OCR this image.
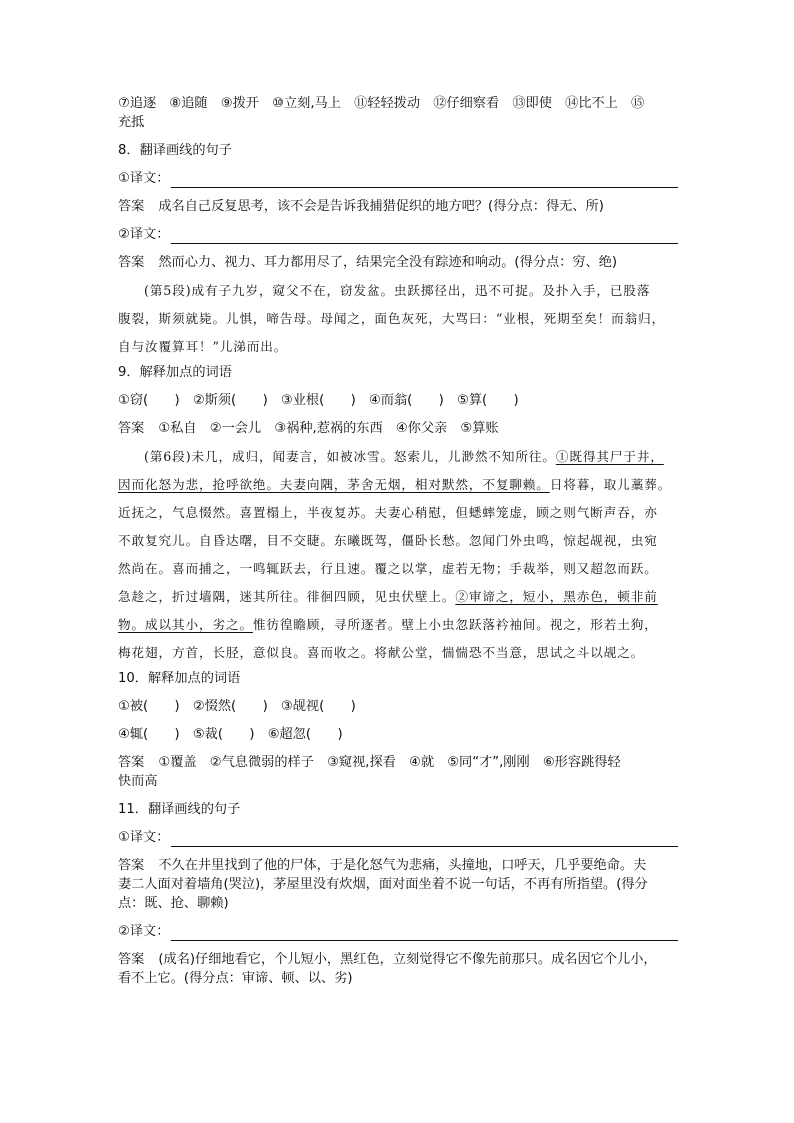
⑦追逐　⑧追随　⑨拨开　⑩立刻,马上　⑪轻轻拨动　⑫仔细察看　⑬即使　⑭比不上　⑮
充抵
8．翻译画线的句子
①译文：
答案 成名自己反复思考，该不会是告诉我捕猎促织的地方吧？(得分点：得无、所)
②译文：
答案 然而心力、视力、耳力都用尽了，结果完全没有踪迹和响动。(得分点：穷、绝)
(第5段)成有子九岁，窥父不在，窃发盆。虫跃掷径出，迅不可捉。及扑入手，已股落
腹裂，斯须就毙。儿惧，啼告母。母闻之，面色灰死，大骂曰：“业根，死期至矣！而翁归，
自与汝覆算耳！”儿涕而出。
9．解释加点的词语
①窃(　　)　②斯须(　　)　③业根(　　)　④而翁(　　)　⑤算(　　)
答案 ①私自　②一会儿　③祸种,惹祸的东西　④你父亲　⑤算账
(第6段)未几，成归，闻妻言，如被冰雪。怒索儿，儿渺然不知所往。①既得其尸于井，
因而化怒为悲，抢呼欲绝。夫妻向隅，茅舍无烟，相对默然，不复聊赖。日将暮，取儿藁葬。
近抚之，气息惙然。喜置榻上，半夜复苏。夫妻心稍慰，但蟋蟀笼虚，顾之则气断声吞，亦
不敢复究儿。自昏达曙，目不交睫。东曦既驾，僵卧长愁。忽闻门外虫鸣，惊起觇视，虫宛
然尚在。喜而捕之，一鸣辄跃去，行且速。覆之以掌，虚若无物；手裁举，则又超忽而跃。
急趁之，折过墙隅，迷其所往。徘徊四顾，见虫伏壁上。②审谛之，短小，黑赤色，顿非前
物。成以其小，劣之。惟彷徨瞻顾，寻所逐者。壁上小虫忽跃落衿袖间。视之，形若土狗，
梅花翅，方首，长胫，意似良。喜而收之。将献公堂，惴惴恐不当意，思试之斗以觇之。
10．解释加点的词语
①被(　　)　②惙然(　　)　③觇视(　　)
④辄(　　)　⑤裁(　　)　⑥超忽(　　)
答案 ①覆盖　②气息微弱的样子　③窥视,探看　④就　⑤同“才”,刚刚　⑥形容跳得轻
快而高
11．翻译画线的句子
①译文：
答案 不久在井里找到了他的尸体，于是化怒气为悲痛，头撞地，口呼天，几乎要绝命。夫
妻二人面对着墙角(哭泣)，茅屋里没有炊烟，面对面坐着不说一句话，不再有所指望。(得分
点：既、抢、聊赖)
②译文：
答案 (成名)仔细地看它，个儿短小，黑红色，立刻觉得它不像先前那只。成名因它个儿小，
看不上它。(得分点：审谛、顿、以、劣)
